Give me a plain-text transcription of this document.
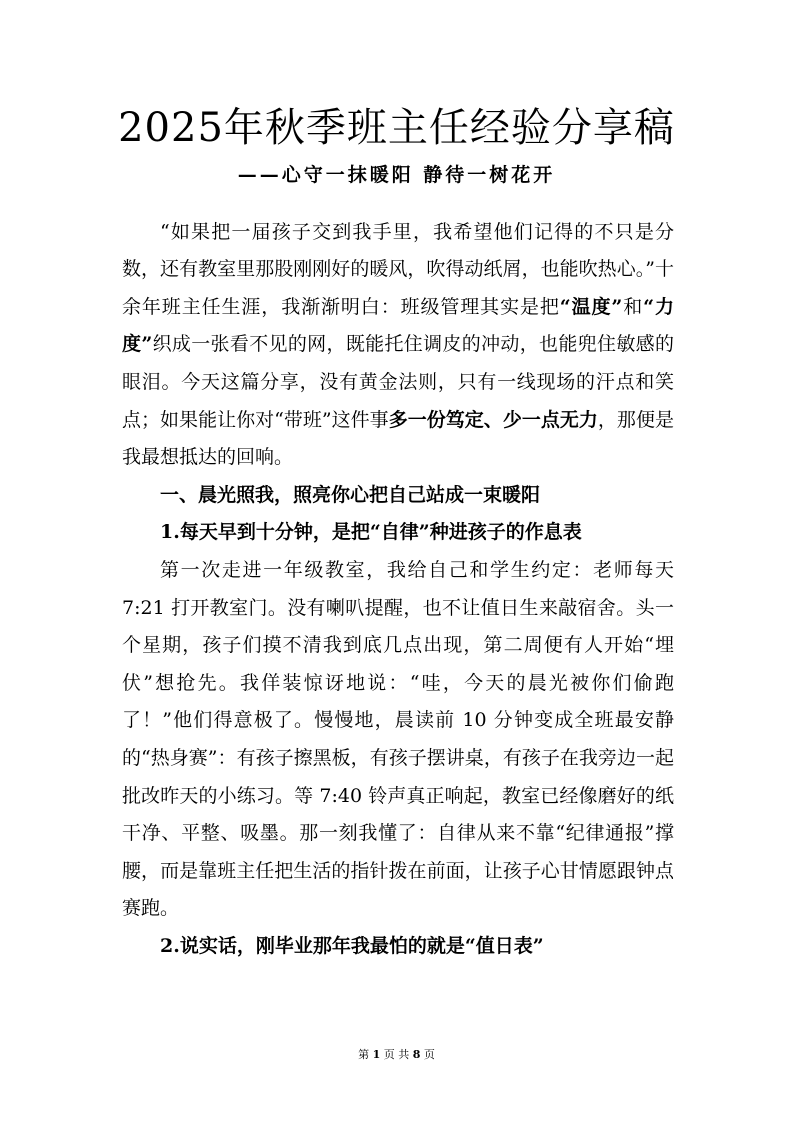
2025年秋季班主任经验分享稿
——心守一抹暖阳 静待一树花开

“如果把一届孩子交到我手里，我希望他们记得的不只是分数，还有教室里那股刚刚好的暖风，吹得动纸屑，也能吹热心。”十余年班主任生涯，我渐渐明白：班级管理其实是把“温度”和“力度”织成一张看不见的网，既能托住调皮的冲动，也能兜住敏感的眼泪。今天这篇分享，没有黄金法则，只有一线现场的汗点和笑点；如果能让你对“带班”这件事多一份笃定、少一点无力，那便是我最想抵达的回响。

一、晨光照我，照亮你心把自己站成一束暖阳

1.每天早到十分钟，是把“自律”种进孩子的作息表

第一次走进一年级教室，我给自己和学生约定：老师每天 7:21 打开教室门。没有喇叭提醒，也不让值日生来敲宿舍。头一个星期，孩子们摸不清我到底几点出现，第二周便有人开始“埋伏”想抢先。我佯装惊讶地说：“哇，今天的晨光被你们偷跑了！”他们得意极了。慢慢地，晨读前 10 分钟变成全班最安静的“热身赛”：有孩子擦黑板，有孩子摆讲桌，有孩子在我旁边一起批改昨天的小练习。等 7:40 铃声真正响起，教室已经像磨好的纸干净、平整、吸墨。那一刻我懂了：自律从来不靠“纪律通报”撑腰，而是靠班主任把生活的指针拨在前面，让孩子心甘情愿跟钟点赛跑。

2.说实话，刚毕业那年我最怕的就是“值日表”

第 1 页 共 8 页
